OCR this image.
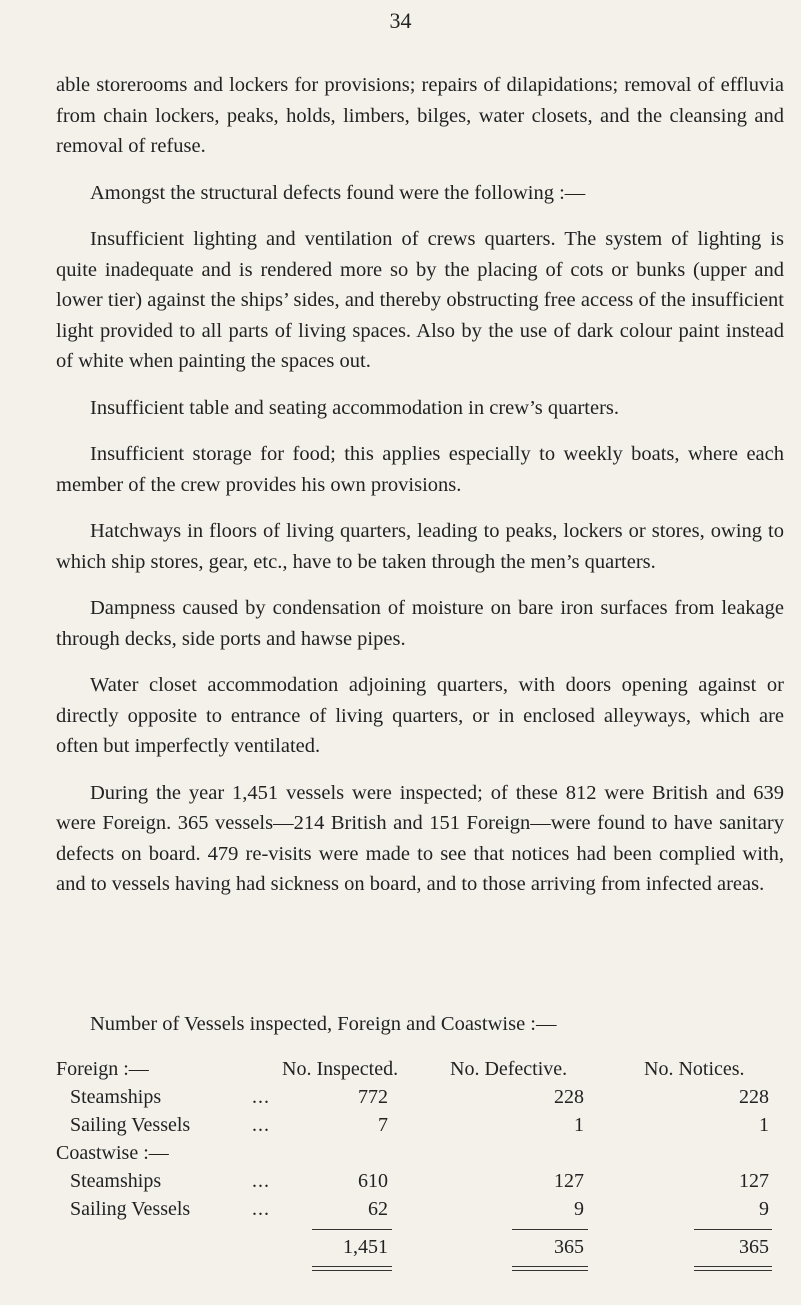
34

able storerooms and lockers for provisions; repairs of dilapidations; removal of effluvia from chain lockers, peaks, holds, limbers, bilges, water closets, and the cleansing and removal of refuse.

Amongst the structural defects found were the following :—

Insufficient lighting and ventilation of crews quarters. The system of lighting is quite inadequate and is rendered more so by the placing of cots or bunks (upper and lower tier) against the ships’ sides, and thereby obstructing free access of the insufficient light provided to all parts of living spaces. Also by the use of dark colour paint instead of white when painting the spaces out.

Insufficient table and seating accommodation in crew’s quarters.

Insufficient storage for food; this applies especially to weekly boats, where each member of the crew provides his own provisions.

Hatchways in floors of living quarters, leading to peaks, lockers or stores, owing to which ship stores, gear, etc., have to be taken through the men’s quarters.

Dampness caused by condensation of moisture on bare iron surfaces from leakage through decks, side ports and hawse pipes.

Water closet accommodation adjoining quarters, with doors opening against or directly opposite to entrance of living quarters, or in enclosed alleyways, which are often but imperfectly ventilated.

During the year 1,451 vessels were inspected; of these 812 were British and 639 were Foreign. 365 vessels—214 British and 151 Foreign—were found to have sanitary defects on board. 479 re-visits were made to see that notices had been complied with, and to vessels having had sickness on board, and to those arriving from infected areas.

Number of Vessels inspected, Foreign and Coastwise :—
Foreign :—	No. Inspected.	No. Defective.	No. Notices.
Steamships	...	772	228	228
Sailing Vessels	...	7	1	1
Coastwise :—
Steamships	...	610	127	127
Sailing Vessels	...	62	9	9
1,451	365	365
